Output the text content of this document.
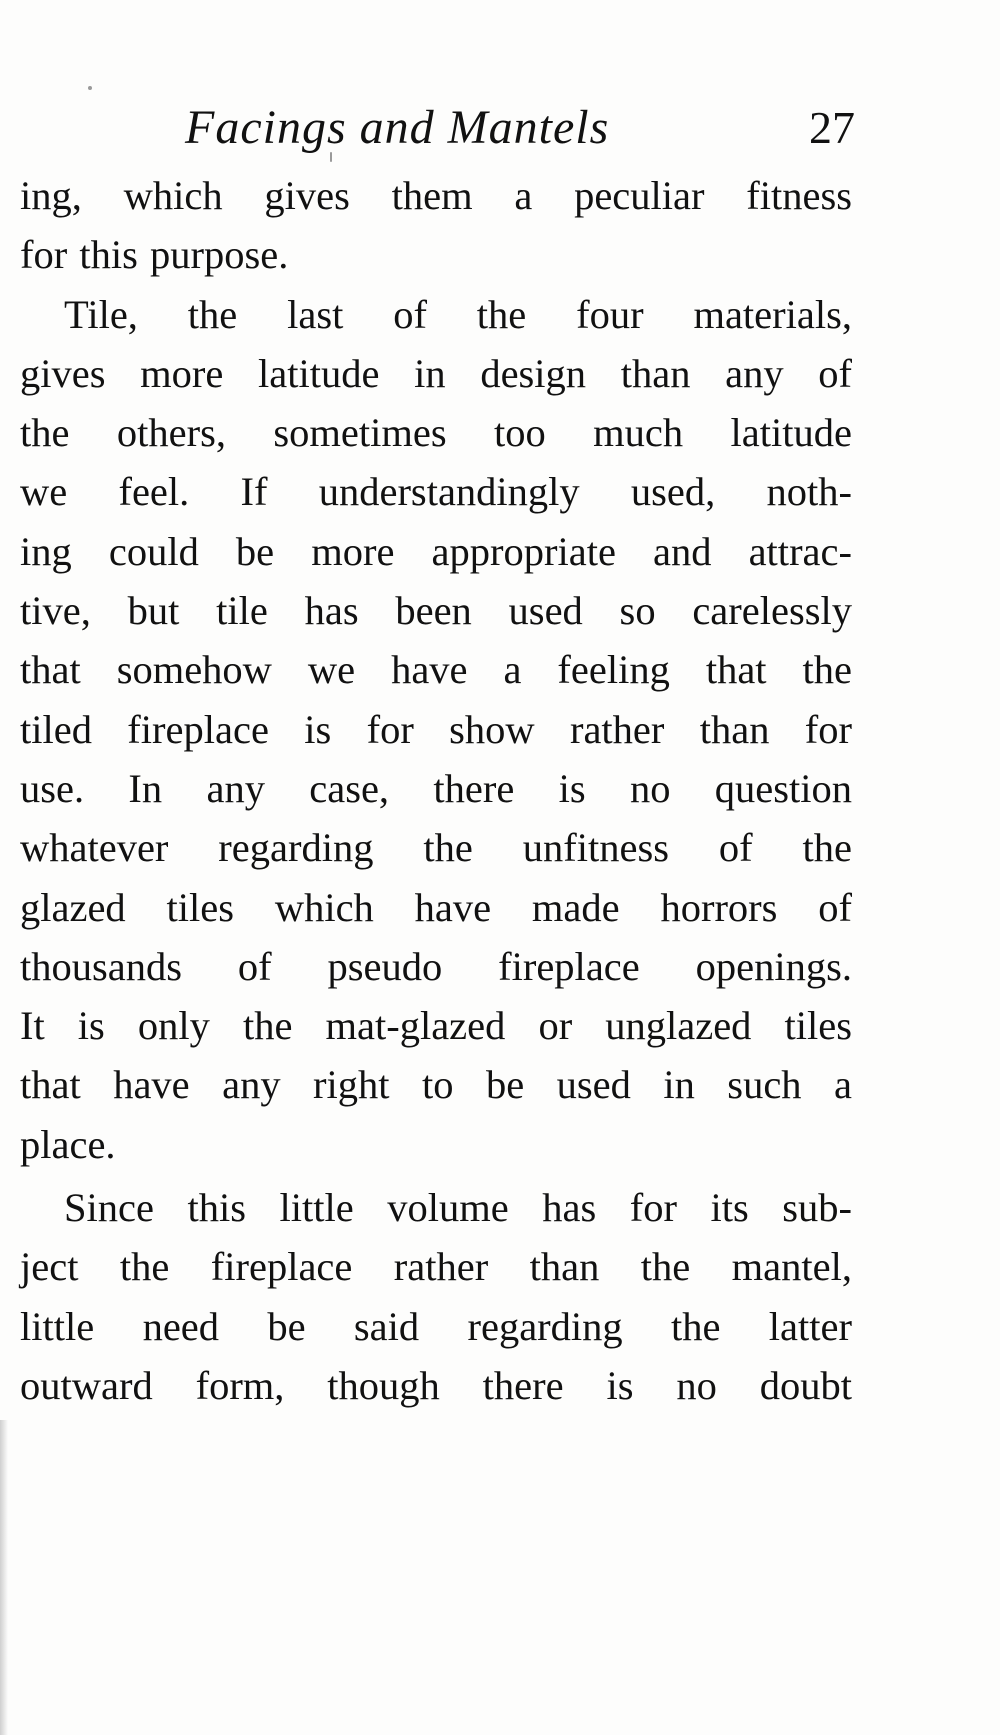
Facings and Mantels	27
ing, which gives them a peculiar fitness
for this purpose.
Tile, the last of the four materials,
gives more latitude in design than any of
the others, sometimes too much latitude
we feel. If understandingly used, noth-
ing could be more appropriate and attrac-
tive, but tile has been used so carelessly
that somehow we have a feeling that the
tiled fireplace is for show rather than for
use. In any case, there is no question
whatever regarding the unfitness of the
glazed tiles which have made horrors of
thousands of pseudo fireplace openings.
It is only the mat-glazed or unglazed tiles
that have any right to be used in such a
place.
Since this little volume has for its sub-
ject the fireplace rather than the mantel,
little need be said regarding the latter
outward form, though there is no doubt
